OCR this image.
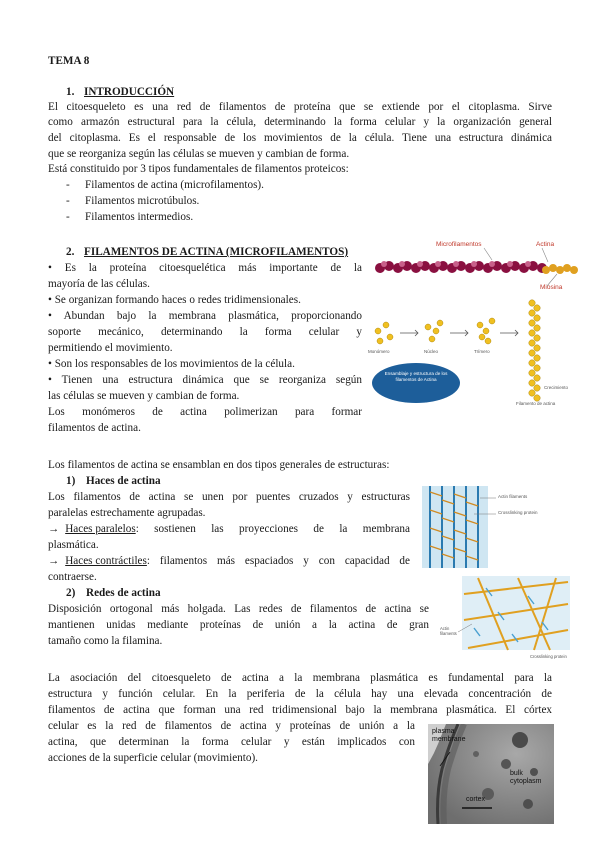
TEMA 8
1. INTRODUCCIÓN
El citoesqueleto es una red de filamentos de proteína que se extiende por el citoplasma. Sirve
como armazón estructural para la célula, determinando la forma celular y la organización general
del citoplasma. Es el responsable de los movimientos de la célula. Tiene una estructura dinámica
que se reorganiza según las células se mueven y cambian de forma.
Está constituido por 3 tipos fundamentales de filamentos proteicos:
- Filamentos de actina (microfilamentos).
- Filamentos microtúbulos.
- Filamentos intermedios.
2. FILAMENTOS DE ACTINA (MICROFILAMENTOS)
• Es la proteína citoesquelética más importante de la
mayoría de las células.
• Se organizan formando haces o redes tridimensionales.
• Abundan bajo la membrana plasmática, proporcionando
soporte mecánico, determinando la forma celular y
permitiendo el movimiento.
• Son los responsables de los movimientos de la célula.
• Tienen una estructura dinámica que se reorganiza según
las células se mueven y cambian de forma.
Los monómeros de actina polimerizan para formar
filamentos de actina.
Microfilamentos	Actina
Miosina
Monómero	Núcleo	Trímero
Crecimiento
Filamento de actina
Ensamblaje y estructura de los filamentos de Actina
Los filamentos de actina se ensamblan en dos tipos generales de estructuras:
1) Haces de actina
Los filamentos de actina se unen por puentes cruzados y estructuras
paralelas estrechamente agrupadas.
→ Haces paralelos : sostienen las proyecciones de la membrana
plasmática.
→ Haces contráctiles : filamentos más espaciados y con capacidad de
contraerse.
2) Redes de actina
Disposición ortogonal más holgada. Las redes de filamentos de actina se
mantienen unidas mediante proteínas de unión a la actina de gran
tamaño como la filamina.
Actin filaments
Crosslinking protein
Actin filaments
Crosslinking protein
La asociación del citoesqueleto de actina a la membrana plasmática es fundamental para la
estructura y función celular. En la periferia de la célula hay una elevada concentración de
filamentos de actina que forman una red tridimensional bajo la membrana plasmática. El córtex
celular es la red de filamentos de actina y proteínas de unión a la
actina, que determinan la forma celular y están implicados con
acciones de la superficie celular (movimiento).
plasma
membrane
bulk
cytoplasm
cortex
